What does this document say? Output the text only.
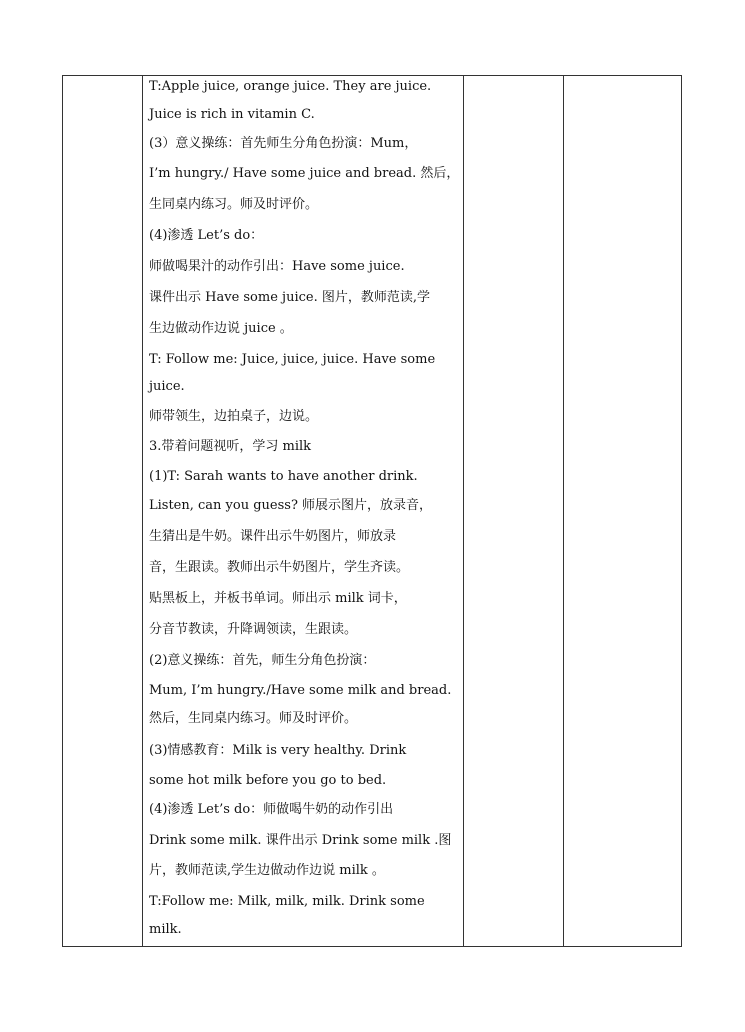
T:Apple juice, orange juice. They are juice.
Juice is rich in vitamin C.
(3）意义操练：首先师生分角色扮演：Mum，
I’m hungry./ Have some juice and bread. 然后，
生同桌内练习。师及时评价。
(4)渗透 Let’s do：
师做喝果汁的动作引出：Have some juice.
课件出示 Have some juice. 图片，教师范读,学
生边做动作边说 juice 。
T: Follow me: Juice, juice, juice. Have some
juice.
师带领生，边拍桌子，边说。
3.带着问题视听，学习 milk
(1)T: Sarah wants to have another drink.
Listen, can you guess? 师展示图片，放录音，
生猜出是牛奶。课件出示牛奶图片，师放录
音，生跟读。教师出示牛奶图片，学生齐读。
贴黑板上，并板书单词。师出示 milk 词卡，
分音节教读，升降调领读，生跟读。
(2)意义操练：首先，师生分角色扮演：
Mum, I’m hungry./Have some milk and bread.
然后，生同桌内练习。师及时评价。
(3)情感教育：Milk is very healthy. Drink
some hot milk before you go to bed.
(4)渗透 Let’s do：师做喝牛奶的动作引出
Drink some milk. 课件出示 Drink some milk .图
片，教师范读,学生边做动作边说 milk 。
T:Follow me: Milk, milk, milk. Drink some
milk.
